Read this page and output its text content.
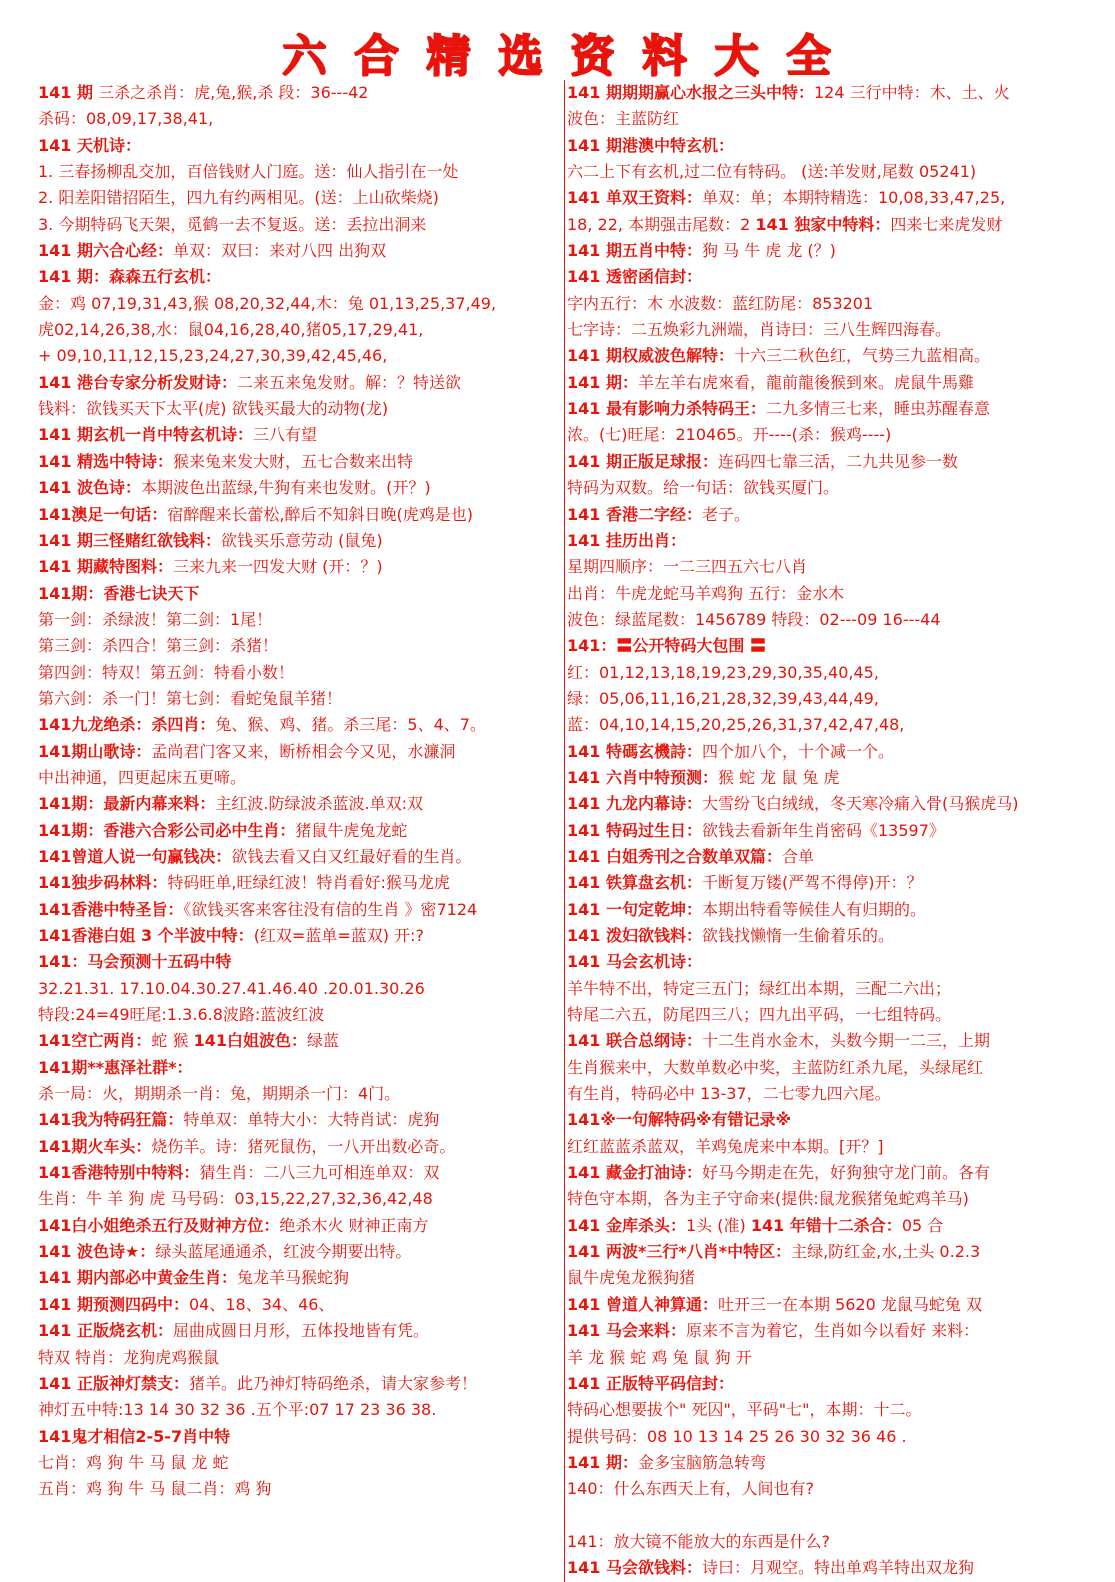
六 合 精 选 资 料 大 全
141 期 三杀之杀肖：虎,兔,猴,杀 段：36---42
杀码：08,09,17,38,41,
141 天机诗：
1. 三春扬柳乱交加，百倍钱财人门庭。送：仙人指引在一处
2. 阳差阳错招陌生，四九有约两相见。(送：上山砍柴烧)
3. 今期特码飞天架，觅鹤一去不复返。送：丢拉出洞来
141 期六合心经：单双：双曰：来对八四 出狗双
141 期：森森五行玄机：
金：鸡 07,19,31,43,猴 08,20,32,44,木：兔 01,13,25,37,49,
虎02,14,26,38,水：鼠04,16,28,40,猪05,17,29,41,
+ 09,10,11,12,15,23,24,27,30,39,42,45,46,
141 港台专家分析发财诗：二来五来兔发财。解：？特送欲
钱料：欲钱买天下太平(虎) 欲钱买最大的动物(龙)
141 期玄机一肖中特玄机诗：三八有望
141 精选中特诗：猴来兔来发大财，五七合数来出特
141 波色诗：本期波色出蓝绿,牛狗有来也发财。(开？)
141澳足一句话：宿醉醒来长蕾松,醉后不知斜日晚(虎鸡是也)
141 期三怪赌红欲钱料：欲钱买乐意劳动 (鼠兔)
141 期藏特图料：三来九来一四发大财 (开：？)
141期：香港七诀天下
第一剑：杀绿波！第二剑：1尾！
第三剑：杀四合！第三剑：杀猪！
第四剑：特双！第五剑：特看小数！
第六剑：杀一门！第七剑：看蛇兔鼠羊猪！
141九龙绝杀：杀四肖：兔、猴、鸡、猪。杀三尾：5、4、7。
141期山歌诗：孟尚君门客又来，断桥相会今又见，水濂洞
中出神通，四更起床五更啼。
141期：最新内幕来料：主红波.防绿波杀蓝波.单双:双
141期：香港六合彩公司必中生肖：猪鼠牛虎兔龙蛇
141曾道人说一句赢钱决：欲钱去看又白又红最好看的生肖。
141独步码林料：特码旺单,旺绿红波！特肖看好:猴马龙虎
141香港中特圣旨：《欲钱买客来客往没有信的生肖 》密7124
141香港白姐 3 个半波中特：(红双=蓝单=蓝双) 开:?
141：马会预测十五码中特
32.21.31. 17.10.04.30.27.41.46.40 .20.01.30.26
特段:24=49旺尾:1.3.6.8波路:蓝波红波
141空亡两肖：蛇 猴 141白姐波色：绿蓝
141期**惠泽社群*：
杀一局：火，期期杀一肖：兔，期期杀一门：4门。
141我为特码狂篇：特单双：单特大小：大特肖试：虎狗
141期火车头：烧伤羊。诗：猪死鼠伤，一八开出数必奇。
141香港特别中特料：猜生肖：二八三九可相连单双：双
生肖：牛 羊 狗 虎 马号码：03,15,22,27,32,36,42,48
141白小姐绝杀五行及财神方位：绝杀木火 财神正南方
141 波色诗★：绿头蓝尾通通杀，红波今期要出特。
141 期内部必中黄金生肖：兔龙羊马猴蛇狗
141 期预测四码中：04、18、34、46、
141 正版烧玄机：屈曲成圆日月形，五体投地皆有凭。
特双 特肖：龙狗虎鸡猴鼠
141 正版神灯禁支：猪羊。此乃神灯特码绝杀，请大家参考！
神灯五中特:13 14 30 32 36 .五个平:07 17 23 36 38.
141鬼才相信2-5-7肖中特
七肖：鸡 狗 牛 马 鼠 龙 蛇
五肖：鸡 狗 牛 马 鼠二肖：鸡 狗
141 期期期赢心水报之三头中特：124 三行中特：木、土、火
波色：主蓝防红
141 期港澳中特玄机：
六二上下有玄机,过二位有特码。 (送:羊发财,尾数 05241)
141 单双王资料：单双：单；本期特精选：10,08,33,47,25,
18, 22, 本期强击尾数：2 141 独家中特料：四来七来虎发财
141 期五肖中特：狗 马 牛 虎 龙 (？)
141 透密函信封：
字内五行：木 水波数：蓝红防尾：853201
七字诗：二五焕彩九洲端，肖诗曰：三八生辉四海春。
141 期权威波色解特：十六三二秋色红，气势三九蓝相高。
141 期：羊左羊右虎來看，龍前龍後猴到來。虎鼠牛馬雞
141 最有影响力杀特码王：二九多情三七来，睡虫苏醒春意
浓。(七)旺尾：210465。开----(杀：猴鸡----)
141 期正版足球报：连码四七靠三活，二九共见参一数
特码为双数。给一句话：欲钱买厦门。
141 香港二字经：老子。
141 挂历出肖：
星期四顺序：一二三四五六七八肖
出肖：牛虎龙蛇马羊鸡狗 五行：金水木
波色：绿蓝尾数：1456789 特段：02---09 16---44
141：〓公开特码大包围 〓
红：01,12,13,18,19,23,29,30,35,40,45,
绿：05,06,11,16,21,28,32,39,43,44,49,
蓝：04,10,14,15,20,25,26,31,37,42,47,48,
141 特碼玄機詩：四个加八个，十个减一个。
141 六肖中特预测：猴 蛇 龙 鼠 兔 虎
141 九龙内幕诗：大雪纷飞白绒绒，冬天寒冷痛入骨(马猴虎马)
141 特码过生日：欲钱去看新年生肖密码《13597》
141 白姐秀刊之合数单双篇：合单
141 铁算盘玄机：千断复万镂(严驾不得停)开：？
141 一句定乾坤：本期出特看等候佳人有归期的。
141 泼妇欲钱料：欲钱找懒惰一生偷着乐的。
141 马会玄机诗：
羊牛特不出，特定三五门；绿红出本期，三配二六出；
特尾二六五，防尾四三八；四九出平码，一七组特码。
141 联合总纲诗：十二生肖水金木，头数今期一二三，上期
生肖猴来中，大数单数必中奖，主蓝防红杀九尾，头绿尾红
有生肖，特码必中 13-37，二七零九四六尾。
141※一句解特码※有错记录※
红红蓝蓝杀蓝双，羊鸡兔虎来中本期。[开？]
141 藏金打油诗：好马今期走在先，好狗独守龙门前。各有
特色守本期，各为主子守命来(提供:鼠龙猴猪兔蛇鸡羊马)
141 金库杀头：1头 (准) 141 年错十二杀合：05 合
141 两波*三行*八肖*中特区：主绿,防红金,水,土头 0.2.3
鼠牛虎兔龙猴狗猪
141 曾道人神算通：吐开三一在本期 5620 龙鼠马蛇兔 双
141 马会来料：原来不言为着它，生肖如今以看好 来料：
羊 龙 猴 蛇 鸡 兔 鼠 狗 开
141 正版特平码信封：
特码心想要拔个" 死囚"，平码"七"，本期：十二。
提供号码：08 10 13 14 25 26 30 32 36 46 .
141 期：金多宝脑筋急转弯
140：什么东西天上有，人间也有?
141：放大镜不能放大的东西是什么?
141 马会欲钱料：诗曰：月观空。特出单鸡羊特出双龙狗
